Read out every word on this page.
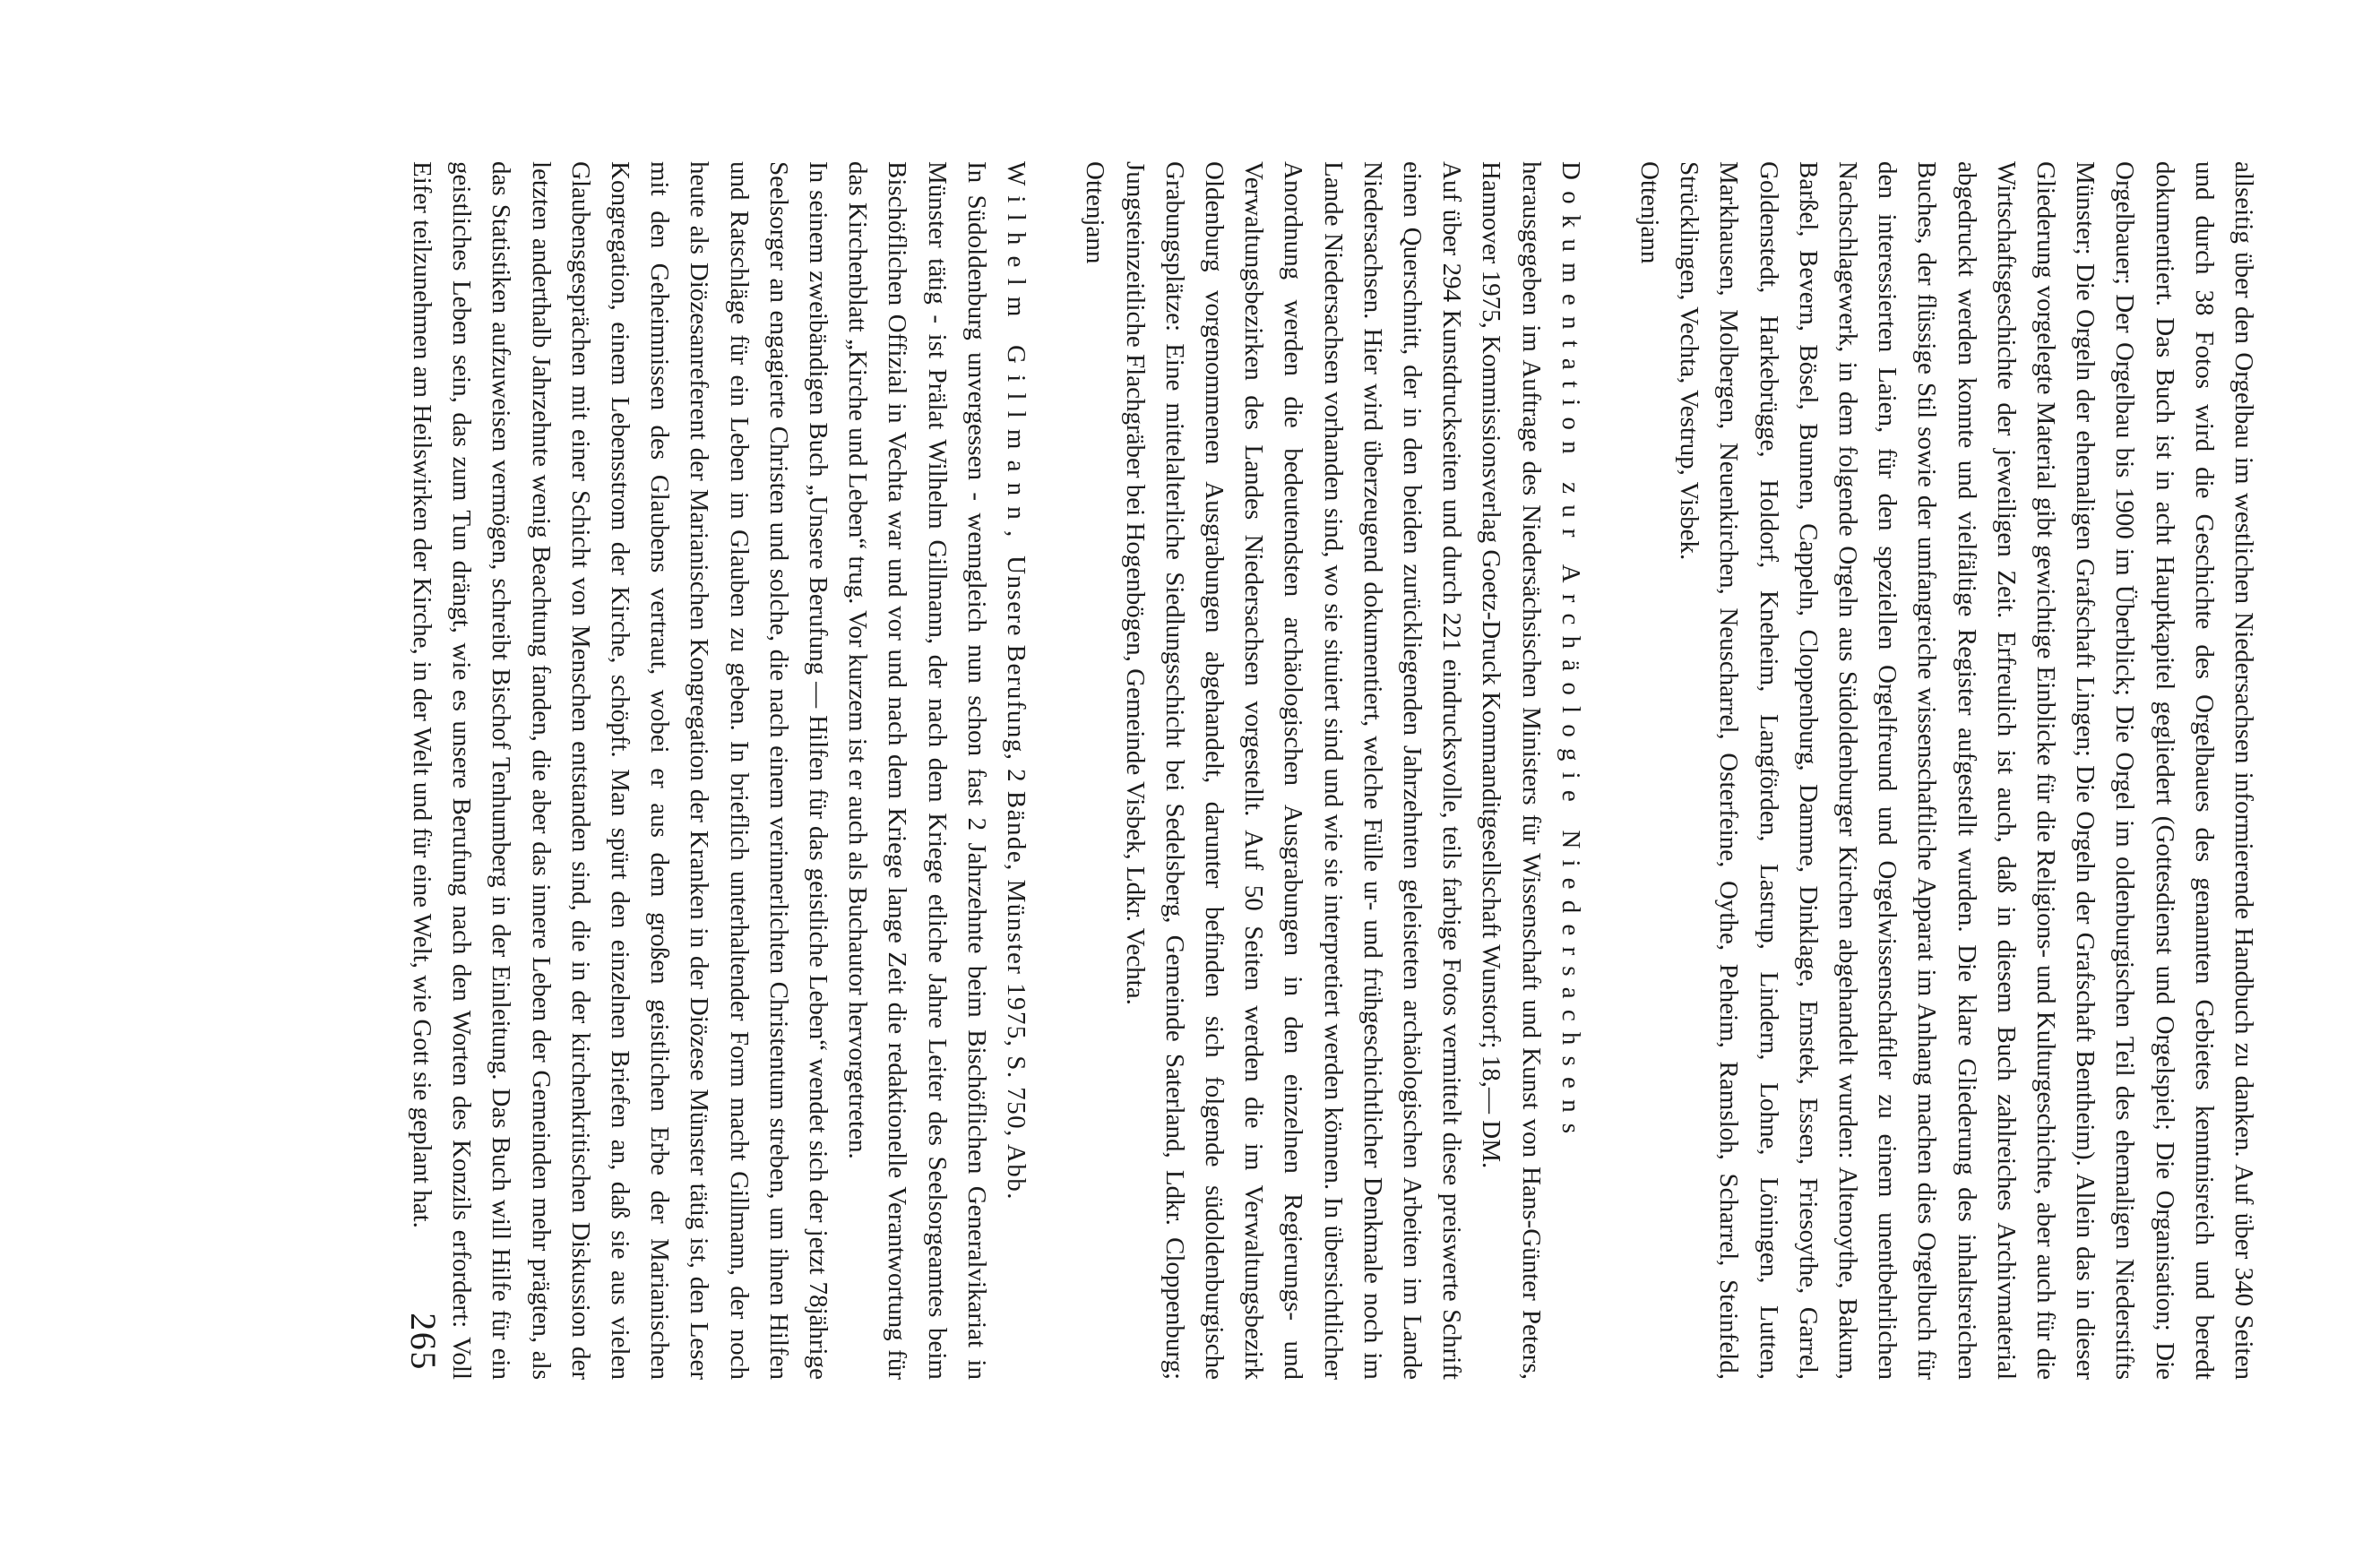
allseitig über den Orgelbau im westlichen Niedersachsen informierende Handbuch zu danken. Auf über 340 Seiten und durch 38 Fotos wird die Geschichte des Orgelbaues des genannten Gebietes kenntnisreich und beredt dokumentiert. Das Buch ist in acht Hauptkapitel gegliedert (Gottesdienst und Orgelspiel; Die Organisation; Die Orgelbauer; Der Orgelbau bis 1900 im Überblick; Die Orgel im oldenburgischen Teil des ehemaligen Niederstifts Münster; Die Orgeln der ehemaligen Grafschaft Lingen; Die Orgeln der Grafschaft Bentheim). Allein das in dieser Gliederung vorgelegte Material gibt gewichtige Einblicke für die Religions- und Kulturgeschichte, aber auch für die Wirtschaftsgeschichte der jeweiligen Zeit. Erfreulich ist auch, daß in diesem Buch zahlreiches Archivmaterial abgedruckt werden konnte und vielfältige Register aufgestellt wurden. Die klare Gliederung des inhaltsreichen Buches, der flüssige Stil sowie der umfangreiche wissenschaftliche Apparat im Anhang machen dies Orgelbuch für den interessierten Laien, für den speziellen Orgelfreund und Orgelwissenschaftler zu einem unentbehrlichen Nachschlagewerk, in dem folgende Orgeln aus Südoldenburger Kirchen abgehandelt wurden: Altenoythe, Bakum, Barßel, Bevern, Bösel, Bunnen, Cappeln, Cloppenburg, Damme, Dinklage, Emstek, Essen, Friesoythe, Garrel, Goldenstedt, Harkebrügge, Holdorf, Kneheim, Langförden, Lastrup, Lindern, Lohne, Löningen, Lutten, Markhausen, Molbergen, Neuenkirchen, Neuscharrel, Osterfeine, Oythe, Peheim, Ramsloh, Scharrel, Steinfeld, Strücklingen, Vechta, Vestrup, Visbek.

Ottenjann

Dokumentation zur Archäologie Niedersachsens

herausgegeben im Auftrage des Niedersächsischen Ministers für Wissenschaft und Kunst von Hans-Günter Peters, Hannover 1975, Kommissionsverlag Goetz-Druck Kommanditgesellschaft Wunstorf; 18,— DM.

Auf über 294 Kunstdruckseiten und durch 221 eindrucksvolle, teils farbige Fotos vermittelt diese preiswerte Schrift einen Querschnitt, der in den beiden zurückliegenden Jahrzehnten geleisteten archäologischen Arbeiten im Lande Niedersachsen. Hier wird überzeugend dokumentiert, welche Fülle ur- und frühgeschichtlicher Denkmale noch im Lande Niedersachsen vorhanden sind, wo sie situiert sind und wie sie interpretiert werden können. In übersichtlicher Anordnung werden die bedeutendsten archäologischen Ausgrabungen in den einzelnen Regierungs- und Verwaltungsbezirken des Landes Niedersachsen vorgestellt. Auf 50 Seiten werden die im Verwaltungsbezirk Oldenburg vorgenommenen Ausgrabungen abgehandelt, darunter befinden sich folgende südoldenburgische Grabungsplätze: Eine mittelalterliche Siedlungsschicht bei Sedelsberg, Gemeinde Saterland, Ldkr. Cloppenburg; Jungsteinzeitliche Flachgräber bei Hogenbögen, Gemeinde Visbek, Ldkr. Vechta.

Ottenjann

Wilhelm Gillmann, Unsere Berufung, 2 Bände, Münster 1975, S. 750, Abb.

In Südoldenburg unvergessen - wenngleich nun schon fast 2 Jahrzehnte beim Bischöflichen Generalvikariat in Münster tätig - ist Prälat Wilhelm Gillmann, der nach dem Kriege etliche Jahre Leiter des Seelsorgeamtes beim Bischöflichen Offizial in Vechta war und vor und nach dem Kriege lange Zeit die redaktionelle Verantwortung für das Kirchenblatt „Kirche und Leben“ trug. Vor kurzem ist er auch als Buchautor hervorgetreten.

In seinem zweibändigen Buch „Unsere Berufung — Hilfen für das geistliche Leben“ wendet sich der jetzt 78jährige Seelsorger an engagierte Christen und solche, die nach einem verinnerlichten Christentum streben, um ihnen Hilfen und Ratschläge für ein Leben im Glauben zu geben. In brieflich unterhaltender Form macht Gillmann, der noch heute als Diözesanreferent der Marianischen Kongregation der Kranken in der Diözese Münster tätig ist, den Leser mit den Geheimnissen des Glaubens vertraut, wobei er aus dem großen geistlichen Erbe der Marianischen Kongregation, einem Lebensstrom der Kirche, schöpft. Man spürt den einzelnen Briefen an, daß sie aus vielen Glaubensgesprächen mit einer Schicht von Menschen entstanden sind, die in der kirchenkritischen Diskussion der letzten anderthalb Jahrzehnte wenig Beachtung fanden, die aber das innere Leben der Gemeinden mehr prägten, als das Statistiken aufzuweisen vermögen, schreibt Bischof Tenhumberg in der Einleitung. Das Buch will Hilfe für ein geistliches Leben sein, das zum Tun drängt, wie es unsere Berufung nach den Worten des Konzils erfordert: Voll Eifer teilzunehmen am Heilswirken der Kirche, in der Welt und für eine Welt, wie Gott sie geplant hat.

265
